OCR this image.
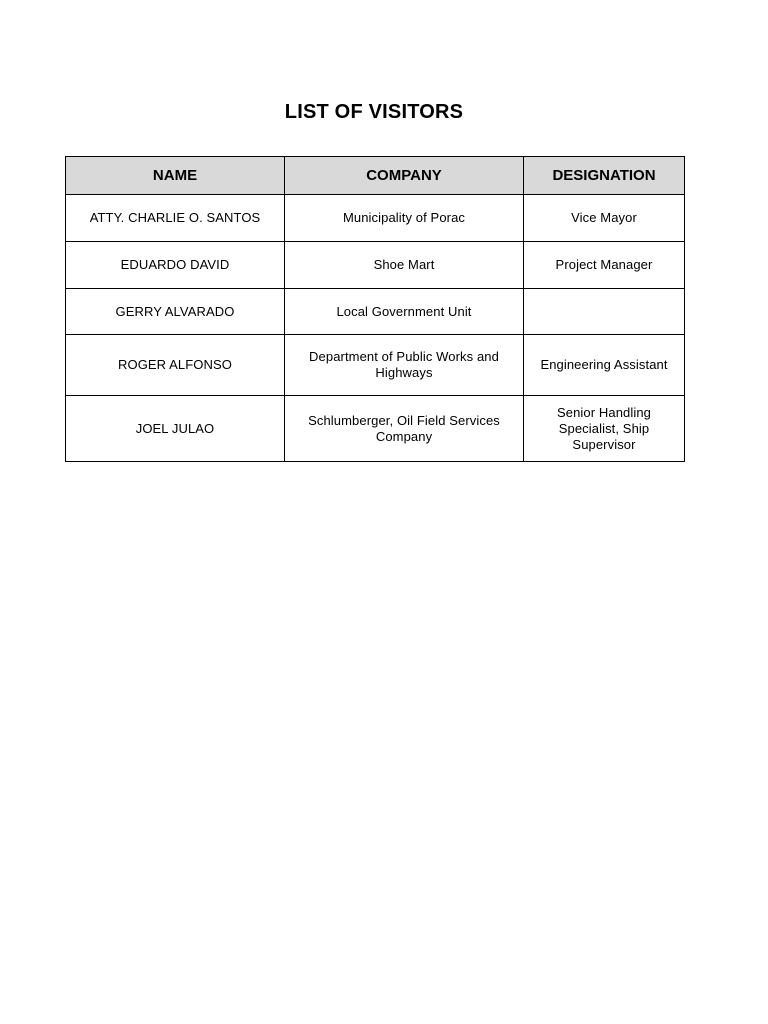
LIST OF VISITORS
NAME	COMPANY	DESIGNATION
ATTY. CHARLIE O. SANTOS	Municipality of Porac	Vice Mayor
EDUARDO DAVID	Shoe Mart	Project Manager
GERRY ALVARADO	Local Government Unit	
ROGER ALFONSO	Department of Public Works and Highways	Engineering Assistant
JOEL JULAO	Schlumberger, Oil Field Services Company	Senior Handling Specialist, Ship Supervisor
